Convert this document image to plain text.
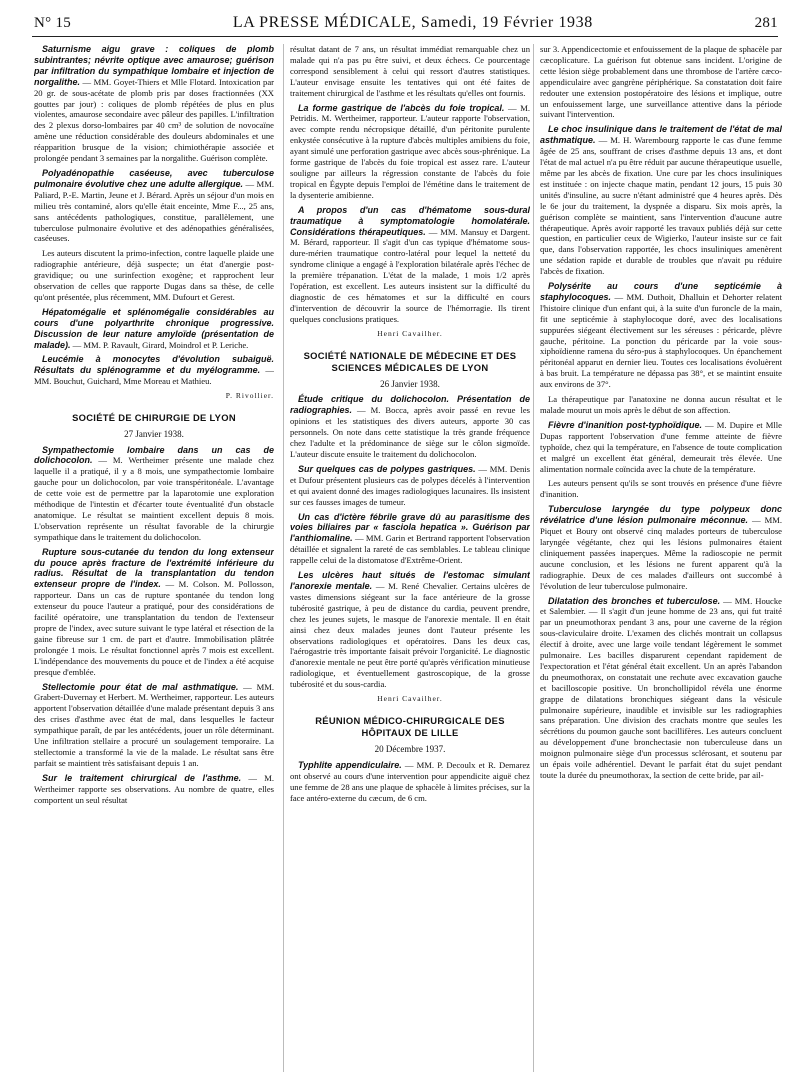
N° 15	LA PRESSE MÉDICALE, Samedi, 19 Février 1938	281

Saturnisme aigu grave : coliques de plomb subintrantes; névrite optique avec amaurose; guérison par infiltration du sympathique lombaire et injection de norgalithe. — MM. Goyet-Thiers et Mlle Flotard. Intoxication par 20 gr. de sous-acétate de plomb pris par doses fractionnées (XX gouttes par jour) : coliques de plomb répétées de plus en plus violentes, amaurose secondaire avec pâleur des papilles. L'infiltration des 2 plexus dorso-lombaires par 40 cm³ de solution de novocaïne amène une réduction considérable des douleurs abdominales et une réapparition brusque de la vision; chimiothérapie associée et prolongée pendant 3 semaines par la norgalithe. Guérison complète.

Polyadénopathie caséeuse, avec tuberculose pulmonaire évolutive chez une adulte allergique. — MM. Paliard, P.-E. Martin, Jeune et J. Bérard. Après un séjour d'un mois en milieu très contaminé, alors qu'elle était enceinte, Mme F..., 25 ans, sans antécédents pathologiques, constitue, parallèlement, une tuberculose pulmonaire évolutive et des adénopathies généralisées, caséeuses.

Les auteurs discutent la primo-infection, contre laquelle plaide une radiographie antérieure, déjà suspecte; un état d'anergie post-gravidique; ou une surinfection exogène; et rapprochent leur observation de celles que rapporte Dugas dans sa thèse, de celle qu'ont présentée, plus récemment, MM. Dufourt et Gerest.

Hépatomégalie et splénomégalie considérables au cours d'une polyarthrite chronique progressive. Discussion de leur nature amyloïde (présentation de malade). — MM. P. Ravault, Girard, Moindrol et P. Leriche.

Leucémie à monocytes d'évolution subaiguë. Résultats du splénogramme et du myélogramme. — MM. Bouchut, Guichard, Mme Moreau et Mathieu.

P. Rivollier.
SOCIÉTÉ DE CHIRURGIE DE LYON
27 Janvier 1938.

Sympathectomie lombaire dans un cas de dolichocolon. — M. Wertheimer présente une malade chez laquelle il a pratiqué, il y a 8 mois, une sympathectomie lombaire gauche pour un dolichocolon, par voie transpéritonéale. L'avantage de cette voie est de permettre par la laparotomie une exploration méthodique de l'intestin et d'écarter toute éventualité d'un obstacle anatomique. Le résultat se maintient excellent depuis 8 mois. L'observation représente un résultat favorable de la chirurgie sympathique dans le traitement du dolichocolon.

Rupture sous-cutanée du tendon du long extenseur du pouce après fracture de l'extrémité inférieure du radius. Résultat de la transplantation du tendon extenseur propre de l'index. — M. Colson. M. Pollosson, rapporteur. Dans un cas de rupture spontanée du tendon long extenseur du pouce l'auteur a pratiqué, pour des considérations de facilité opératoire, une transplantation du tendon de l'extenseur propre de l'index, avec suture suivant le type latéral et résection de la gaine fibreuse sur 1 cm. de part et d'autre. Immobilisation plâtrée prolongée 1 mois. Le résultat fonctionnel après 7 mois est excellent. L'indépendance des mouvements du pouce et de l'index a été acquise presque d'emblée.

Stellectomie pour état de mal asthmatique. — MM. Grabert-Duvernay et Herbert. M. Wertheimer, rapporteur. Les auteurs apportent l'observation détaillée d'une malade présentant depuis 3 ans des crises d'asthme avec état de mal, dans lesquelles le facteur sympathique paraît, de par les antécédents, jouer un rôle déterminant. Une infiltration stellaire a procuré un soulagement temporaire. La stellectomie a transformé la vie de la malade. Le résultat sans être parfait se maintient très satisfaisant depuis 1 an.

Sur le traitement chirurgical de l'asthme. — M. Wertheimer rapporte ses observations. Au nombre de quatre, elles comportent un seul résultat

résultat datant de 7 ans, un résultat immédiat remarquable chez un malade qui n'a pas pu être suivi, et deux échecs. Ce pourcentage correspond sensiblement à celui qui ressort d'autres statistiques. L'auteur envisage ensuite les tentatives qui ont été faites de traitement chirurgical de l'asthme et les résultats qu'elles ont fournis.

La forme gastrique de l'abcès du foie tropical. — M. Petridis. M. Wertheimer, rapporteur. L'auteur rapporte l'observation, avec compte rendu nécropsique détaillé, d'un péritonite purulente enkystée consécutive à la rupture d'abcès multiples amibiens du foie, ayant simulé une perforation gastrique avec abcès sous-phrénique. La forme gastrique de l'abcès du foie tropical est assez rare. L'auteur souligne par ailleurs la régression constante de l'abcès du foie tropical en Égypte depuis l'emploi de l'émétine dans le traitement de la dysenterie amibienne.

A propos d'un cas d'hématome sous-dural traumatique à symptomatologie homolatérale. Considérations thérapeutiques. — MM. Mansuy et Dargent. M. Bérard, rapporteur. Il s'agit d'un cas typique d'hématome sous-dure-mérien traumatique contro-latéral pour lequel la netteté du syndrome clinique a engagé à l'exploration bilatérale après l'échec de la première trépanation. L'état de la malade, 1 mois 1/2 après l'opération, est excellent. Les auteurs insistent sur la difficulté du diagnostic de ces hématomes et sur la difficulté en cours d'intervention de découvrir la source de l'hémorragie. Ils tirent quelques conclusions pratiques.

Henri Cavailher.
SOCIÉTÉ NATIONALE DE MÉDECINE ET DES SCIENCES MÉDICALES DE LYON
26 Janvier 1938.

Étude critique du dolichocolon. Présentation de radiographies. — M. Bocca, après avoir passé en revue les opinions et les statistiques des divers auteurs, apporte 30 cas personnels. On note dans cette statistique la très grande fréquence chez l'adulte et la prédominance de siège sur le côlon sigmoïde. L'auteur discute ensuite le traitement du dolichocolon.

Sur quelques cas de polypes gastriques. — MM. Denis et Dufour présentent plusieurs cas de polypes décelés à l'intervention et qui avaient donné des images radiologiques lacunaires. Ils insistent sur ces fausses images de tumeur.

Un cas d'ictère fébrile grave dû au parasitisme des voies biliaires par « fasciola hepatica ». Guérison par l'anthiomaline. — MM. Garin et Bertrand rapportent l'observation détaillée et signalent la rareté de cas semblables. Le tableau clinique rappelle celui de la distomatose d'Extrême-Orient.

Les ulcères haut situés de l'estomac simulant l'anorexie mentale. — M. René Chevalier. Certains ulcères de vastes dimensions siégeant sur la face antérieure de la grosse tubérosité gastrique, à peu de distance du cardia, peuvent prendre, chez les jeunes sujets, le masque de l'anorexie mentale. Il en était ainsi chez deux malades jeunes dont l'auteur présente les observations radiologiques et opératoires. Dans les deux cas, l'aérogastrie très importante faisait prévoir l'organicité. Le diagnostic d'anorexie mentale ne peut être porté qu'après vérification minutieuse radiologique, et éventuellement gastroscopique, de la grosse tubérosité et du sous-cardia.

Henri Cavailher.
RÉUNION MÉDICO-CHIRURGICALE DES HÔPITAUX DE LILLE
20 Décembre 1937.

Typhlite appendiculaire. — MM. P. Decoulx et R. Demarez ont observé au cours d'une intervention pour appendicite aiguë chez une femme de 28 ans une plaque de sphacèle à limites précises, sur la face antéro-externe du cæcum, de 6 cm.

sur 3. Appendicectomie et enfouissement de la plaque de sphacèle par cæcoplicature. La guérison fut obtenue sans incident. L'origine de cette lésion siège probablement dans une thrombose de l'artère cæco-appendiculaire avec gangrène périphérique. Sa constatation doit faire redouter une extension postopératoire des lésions et implique, outre un enfouissement large, une surveillance attentive dans la période suivant l'intervention.

Le choc insulinique dans le traitement de l'état de mal asthmatique. — M. H. Warembourg rapporte le cas d'une femme âgée de 25 ans, souffrant de crises d'asthme depuis 13 ans, et dont l'état de mal actuel n'a pu être réduit par aucune thérapeutique usuelle, même par les abcès de fixation. Une cure par les chocs insuliniques est instituée : on injecte chaque matin, pendant 12 jours, 15 puis 30 unités d'insuline, au sucre n'étant administré que 4 heures après. Dès le 6e jour du traitement, la dyspnée a disparu. Six mois après, la guérison complète se maintient, sans l'intervention d'aucune autre thérapeutique. Après avoir rapporté les travaux publiés déjà sur cette question, en particulier ceux de Wigierko, l'auteur insiste sur ce fait que, dans l'observation rapportée, les chocs insuliniques amenèrent une sédation rapide et durable de troubles que n'avait pu réduire l'abcès de fixation.

Polysérite au cours d'une septicémie à staphylocoques. — MM. Duthoit, Dhalluin et Dehorter relatent l'histoire clinique d'un enfant qui, à la suite d'un furoncle de la main, fit une septicémie à staphylocoque doré, avec des localisations suppurées siégeant électivement sur les séreuses : péricarde, plèvre gauche, péritoine. La ponction du péricarde par la voie sous-xiphoïdienne ramena du séro-pus à staphylocoques. Un épanchement péritonéal apparut en dernier lieu. Toutes ces localisations évoluèrent à bas bruit. La température ne dépassa pas 38°, et se maintint ensuite aux environs de 37°.

La thérapeutique par l'anatoxine ne donna aucun résultat et le malade mourut un mois après le début de son affection.

Fièvre d'inanition post-typhoïdique. — M. Dupire et Mlle Dupas rapportent l'observation d'une femme atteinte de fièvre typhoïde, chez qui la température, en l'absence de toute complication et malgré un excellent état général, demeurait très élevée. Une alimentation normale coïncida avec la chute de la température.

Les auteurs pensent qu'ils se sont trouvés en présence d'une fièvre d'inanition.

Tuberculose laryngée du type polypeux donc révélatrice d'une lésion pulmonaire méconnue. — MM. Piquet et Boury ont observé cinq malades porteurs de tuberculose laryngée végétante, chez qui les lésions pulmonaires étaient cliniquement passées inaperçues. Même la radioscopie ne permit aucune conclusion, et les lésions ne furent apparent qu'à la radiographie. Deux de ces malades d'ailleurs ont succombé à l'évolution de leur tuberculose pulmonaire.

Dilatation des bronches et tuberculose. — MM. Houcke et Salembier. — Il s'agit d'un jeune homme de 23 ans, qui fut traité par un pneumothorax pendant 3 ans, pour une caverne de la région sous-claviculaire droite. L'examen des clichés montrait un collapsus électif à droite, avec une large voile tendant légèrement le sommet pulmonaire. Les bacilles disparurent cependant rapidement de l'expectoration et l'état général était excellent. Un an après l'abandon du pneumothorax, on constatait une rechute avec excavation gauche et bacilloscopie positive. Un bronchollipidol révéla une énorme grappe de dilatations bronchiques siégeant dans la vésicule pulmonaire supérieure, inaudible et invisible sur les radiographies sans préparation. Une division des crachats montre que seules les sécrétions du poumon gauche sont bacillifères. Les auteurs concluent au développement d'une bronchectasie non tuberculeuse dans un moignon pulmonaire siège d'un processus sclérosant, et soutenu par un épais voile adhérentiel. Devant le parfait état du sujet pendant toute la durée du pneumothorax, la section de cette bride, par ail-
